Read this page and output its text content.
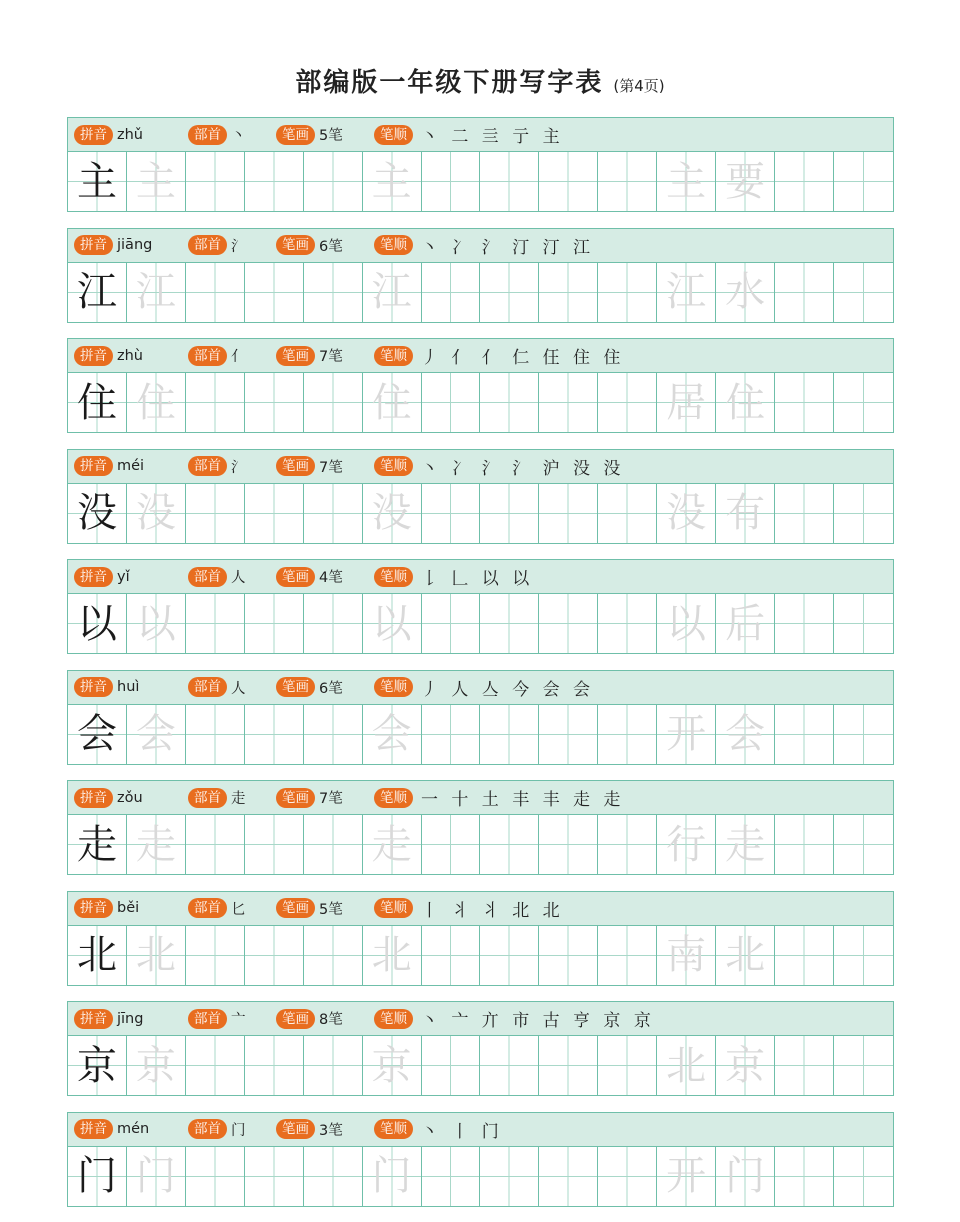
部编版一年级下册写字表 (第4页)
拼音 zhǔ	部首 丶	笔画 5笔	笔顺 丶 二 亖 亍 主
主 主	主	主 要
拼音 jiāng	部首 氵	笔画 6笔	笔顺 丶 冫 氵 汀 汀 江
江 江	江	江 水
拼音 zhù	部首 亻	笔画 7笔	笔顺 丿 亻 亻 仁 仼 住 住
住 住	住	居 住
拼音 méi	部首 氵	笔画 7笔	笔顺 丶 冫 氵 氵 沪 没 没
没 没	没	没 有
拼音 yǐ	部首 人	笔画 4笔	笔顺 𠄌 𠃊 以 以
以 以	以	以 后
拼音 huì	部首 人	笔画 6笔	笔顺 丿 人 亼 今 会 会
会 会	会	开 会
拼音 zǒu	部首 走	笔画 7笔	笔顺 一 十 土 丰 丰 走 走
走 走	走	行 走
拼音 běi	部首 匕	笔画 5笔	笔顺 丨 丬 丬 北 北
北 北	北	南 北
拼音 jīng	部首 亠	笔画 8笔	笔顺 丶 亠 亣 市 古 亨 京 京
京 京	京	北 京
拼音 mén	部首 门	笔画 3笔	笔顺 丶 丨 门
门 门	门	开 门
